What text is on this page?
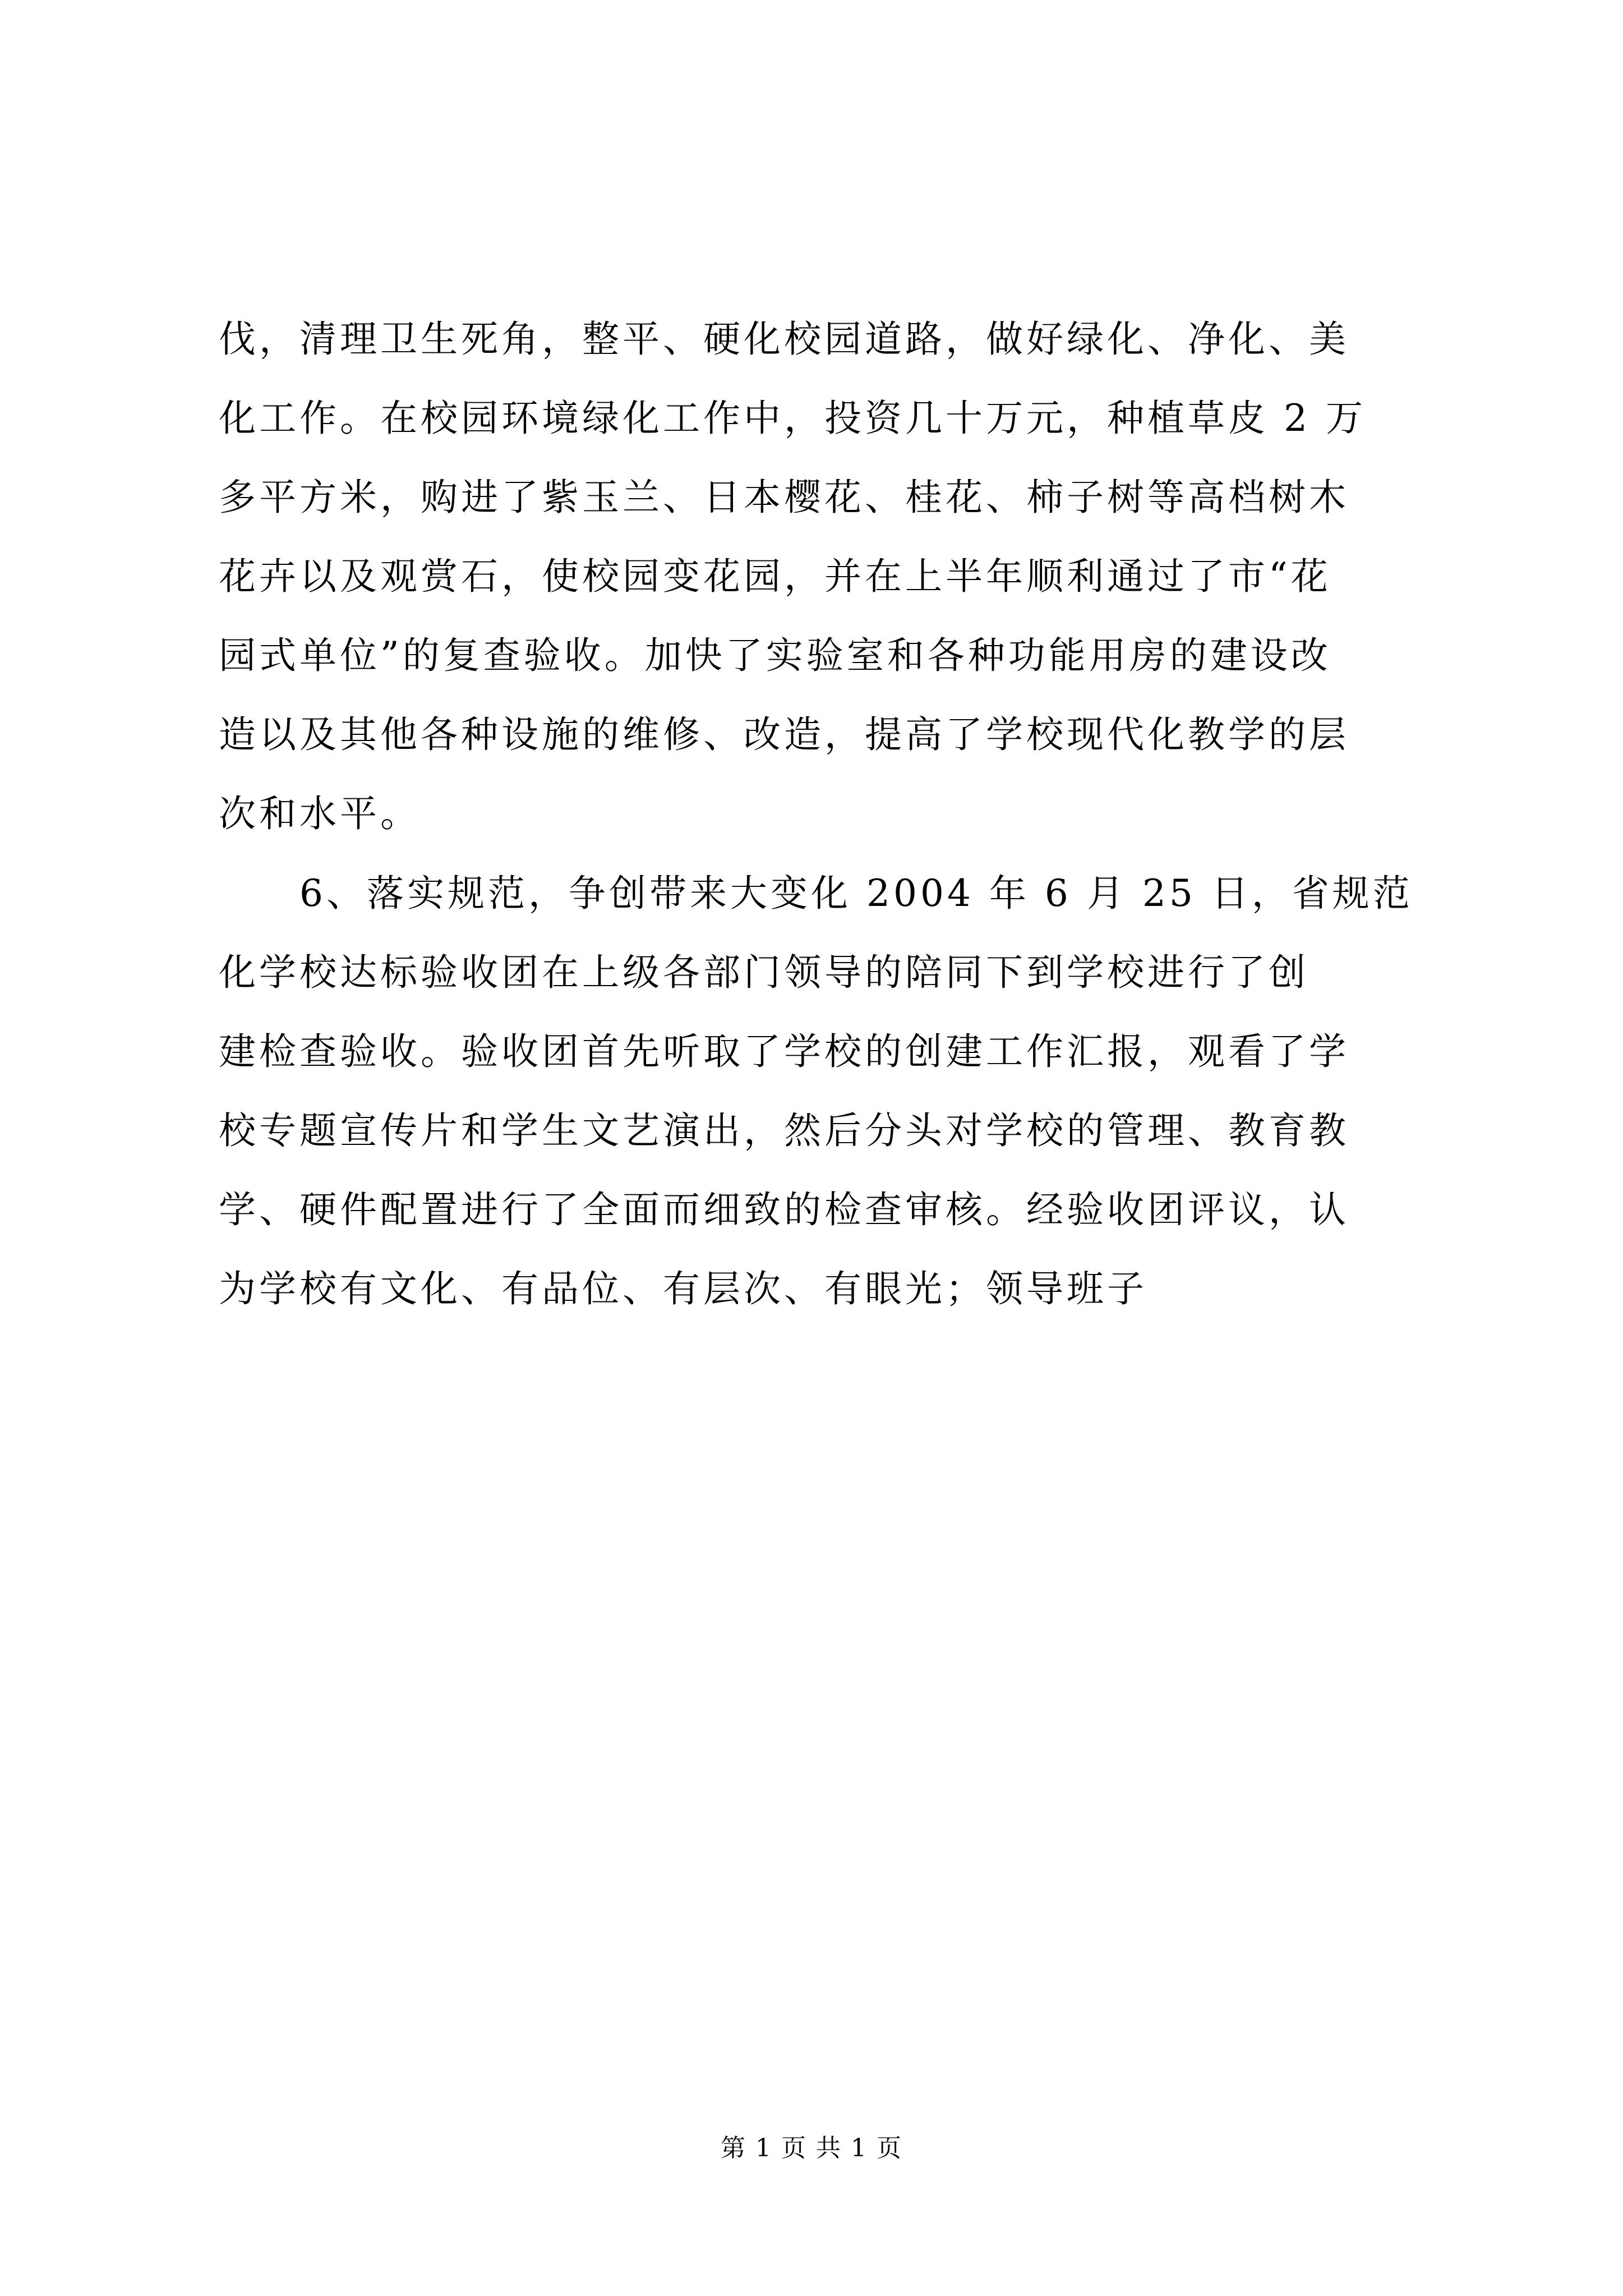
伐，清理卫生死角，整平、硬化校园道路，做好绿化、净化、美
化工作。在校园环境绿化工作中，投资几十万元，种植草皮 2 万
多平方米，购进了紫玉兰、日本樱花、桂花、柿子树等高档树木
花卉以及观赏石，使校园变花园，并在上半年顺利通过了市“花
园式单位”的复查验收。加快了实验室和各种功能用房的建设改
造以及其他各种设施的维修、改造，提高了学校现代化教学的层
次和水平。
　　6、落实规范，争创带来大变化 2004 年 6 月 25 日，省规范
化学校达标验收团在上级各部门领导的陪同下到学校进行了创
建检查验收。验收团首先听取了学校的创建工作汇报，观看了学
校专题宣传片和学生文艺演出，然后分头对学校的管理、教育教
学、硬件配置进行了全面而细致的检查审核。经验收团评议，认
为学校有文化、有品位、有层次、有眼光；领导班子
第 1 页 共 1 页
